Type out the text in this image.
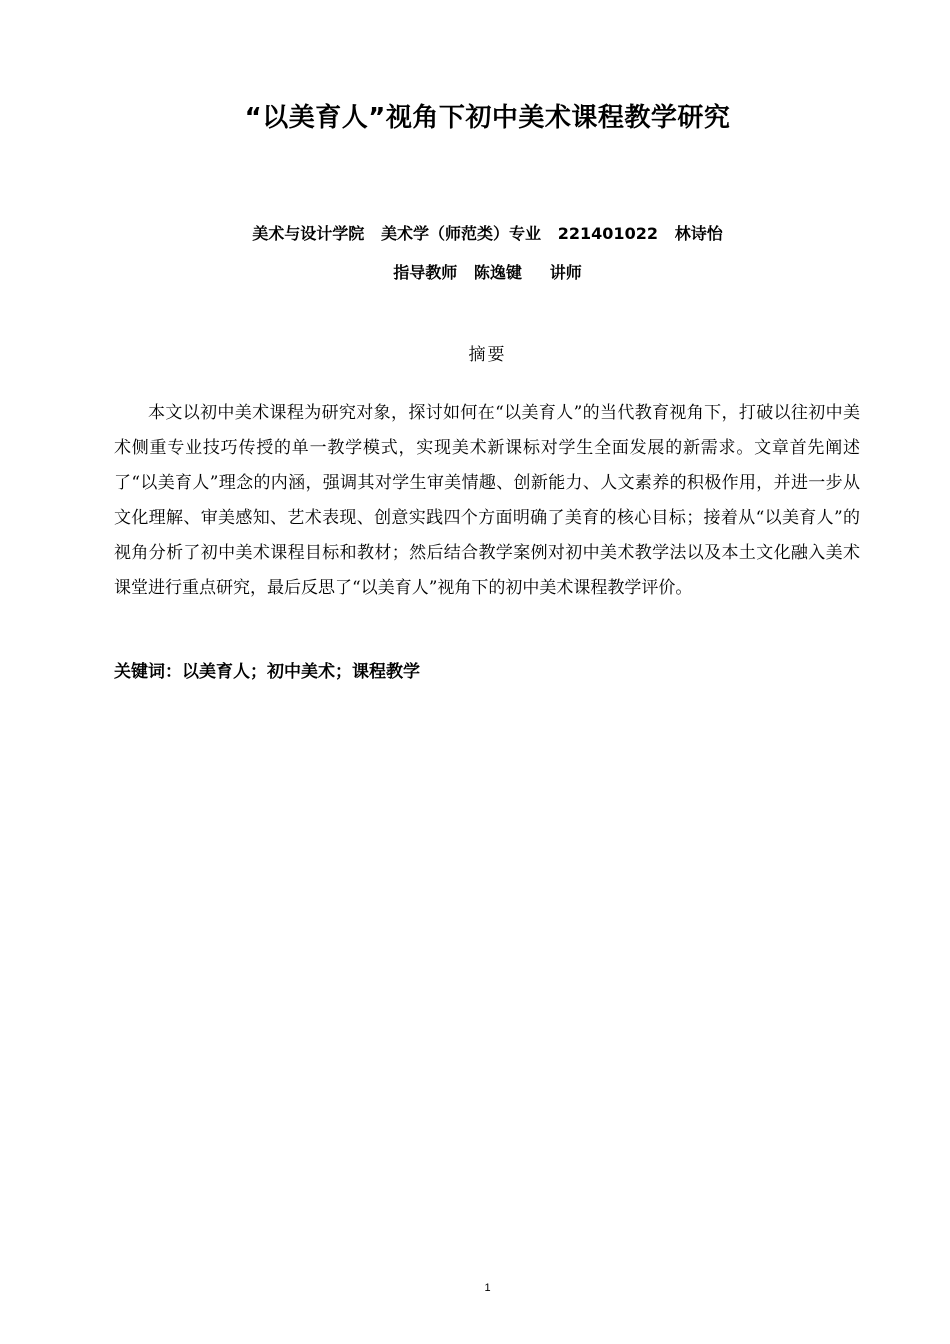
“以美育人”视角下初中美术课程教学研究
美术与设计学院 美术学（师范类）专业 221401022 林诗怡
指导教师 陈逸键 讲师
摘要

本文以初中美术课程为研究对象，探讨如何在“以美育人”的当代教育视角下，打破以往初中美术侧重专业技巧传授的单一教学模式，实现美术新课标对学生全面发展的新需求。文章首先阐述了“以美育人”理念的内涵，强调其对学生审美情趣、创新能力、人文素养的积极作用，并进一步从文化理解、审美感知、艺术表现、创意实践四个方面明确了美育的核心目标；接着从“以美育人”的视角分析了初中美术课程目标和教材；然后结合教学案例对初中美术教学法以及本土文化融入美术课堂进行重点研究，最后反思了“以美育人”视角下的初中美术课程教学评价。

关键词：以美育人；初中美术；课程教学
1
